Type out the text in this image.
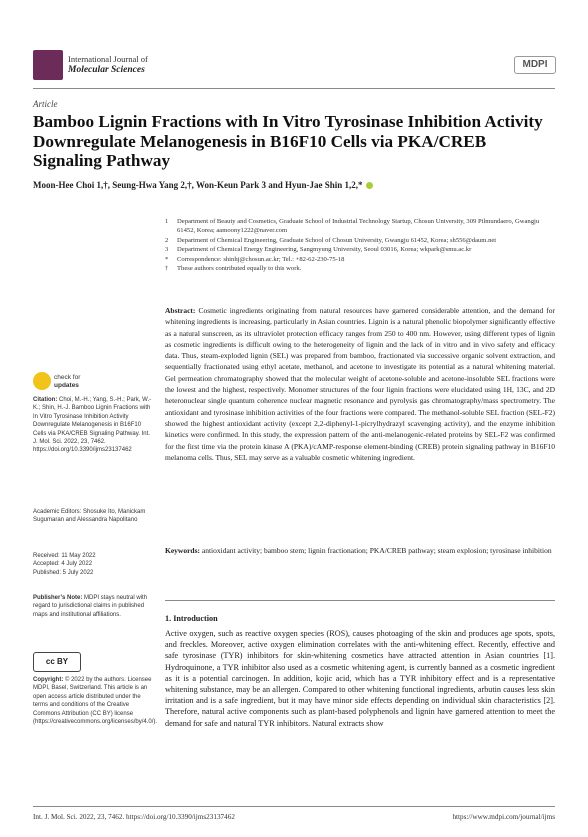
International Journal of
Molecular Sciences	MDPI
Article
Bamboo Lignin Fractions with In Vitro Tyrosinase Inhibition Activity Downregulate Melanogenesis in B16F10 Cells via PKA/CREB Signaling Pathway
Moon-Hee Choi 1,†, Seung-Hwa Yang 2,†, Won-Keun Park 3 and Hyun-Jae Shin 1,2,*
1	Department of Beauty and Cosmetics, Graduate School of Industrial Technology Startup, Chosun University, 309 Pilmundaero, Gwangju 61452, Korea; aamoony1222@naver.com
2	Department of Chemical Engineering, Graduate School of Chosun University, Gwangju 61452, Korea; sh556@daum.net
3	Department of Chemical Energy Engineering, Sangmyung University, Seoul 03016, Korea; wkpark@smu.ac.kr
*	Correspondence: shinhj@chosun.ac.kr; Tel.: +82-62-230-75-18
†	These authors contributed equally to this work.
Abstract: Cosmetic ingredients originating from natural resources have garnered considerable attention, and the demand for whitening ingredients is increasing, particularly in Asian countries. Lignin is a natural phenolic biopolymer significantly effective as a natural sunscreen, as its ultraviolet protection efficacy ranges from 250 to 400 nm. However, using different types of lignin as cosmetic ingredients is difficult owing to the heterogeneity of lignin and the lack of in vitro and in vivo safety and efficacy data. Thus, steam-exploded lignin (SEL) was prepared from bamboo, fractionated via successive organic solvent extraction, and sequentially fractionated using ethyl acetate, methanol, and acetone to investigate its potential as a natural whitening material. Gel permeation chromatography showed that the molecular weight of acetone-soluble and acetone-insoluble SEL fractions were the lowest and the highest, respectively. Monomer structures of the four lignin fractions were elucidated using 1H, 13C, and 2D heteronuclear single quantum coherence nuclear magnetic resonance and pyrolysis gas chromatography/mass spectrometry. The antioxidant and tyrosinase inhibition activities of the four fractions were compared. The methanol-soluble SEL fraction (SEL-F2) showed the highest antioxidant activity (except 2,2-diphenyl-1-picrylhydrazyl scavenging activity), and the enzyme inhibition kinetics were confirmed. In this study, the expression pattern of the anti-melanogenic-related proteins by SEL-F2 was confirmed for the first time via the protein kinase A (PKA)/cAMP-response element-binding (CREB) protein signaling pathway in B16F10 melanoma cells. Thus, SEL may serve as a valuable cosmetic whitening ingredient.
Keywords: antioxidant activity; bamboo stem; lignin fractionation; PKA/CREB pathway; steam explosion; tyrosinase inhibition
check for
updates
Citation: Choi, M.-H.; Yang, S.-H.; Park, W.-K.; Shin, H.-J. Bamboo Lignin Fractions with In Vitro Tyrosinase Inhibition Activity Downregulate Melanogenesis in B16F10 Cells via PKA/CREB Signaling Pathway. Int. J. Mol. Sci. 2022, 23, 7462. https://doi.org/10.3390/ijms23137462
Academic Editors: Shosuke Ito, Manickam Sugumaran and Alessandra Napolitano
Received: 11 May 2022
Accepted: 4 July 2022
Published: 5 July 2022
Publisher’s Note: MDPI stays neutral with regard to jurisdictional claims in published maps and institutional affiliations.
cc BY
Copyright: © 2022 by the authors. Licensee MDPI, Basel, Switzerland. This article is an open access article distributed under the terms and conditions of the Creative Commons Attribution (CC BY) license (https://creativecommons.org/licenses/by/4.0/).
1. Introduction
Active oxygen, such as reactive oxygen species (ROS), causes photoaging of the skin and produces age spots, spots, and freckles. Moreover, active oxygen elimination correlates with the anti-whitening effect. Recently, effective and safe tyrosinase (TYR) inhibitors for skin-whitening cosmetics have attracted attention in Asian countries [1]. Hydroquinone, a TYR inhibitor also used as a cosmetic whitening agent, is currently banned as a cosmetic ingredient as it is a potential carcinogen. In addition, kojic acid, which has a TYR inhibitory effect and is a representative whitening substance, may be an allergen. Compared to other whitening functional ingredients, arbutin causes less skin irritation and is a safe ingredient, but it may have minor side effects depending on individual skin characteristics [2]. Therefore, natural active components such as plant-based polyphenols and lignin have garnered attention to meet the demand for safe and natural TYR inhibitors. Natural extracts show
Int. J. Mol. Sci. 2022, 23, 7462. https://doi.org/10.3390/ijms23137462	https://www.mdpi.com/journal/ijms
